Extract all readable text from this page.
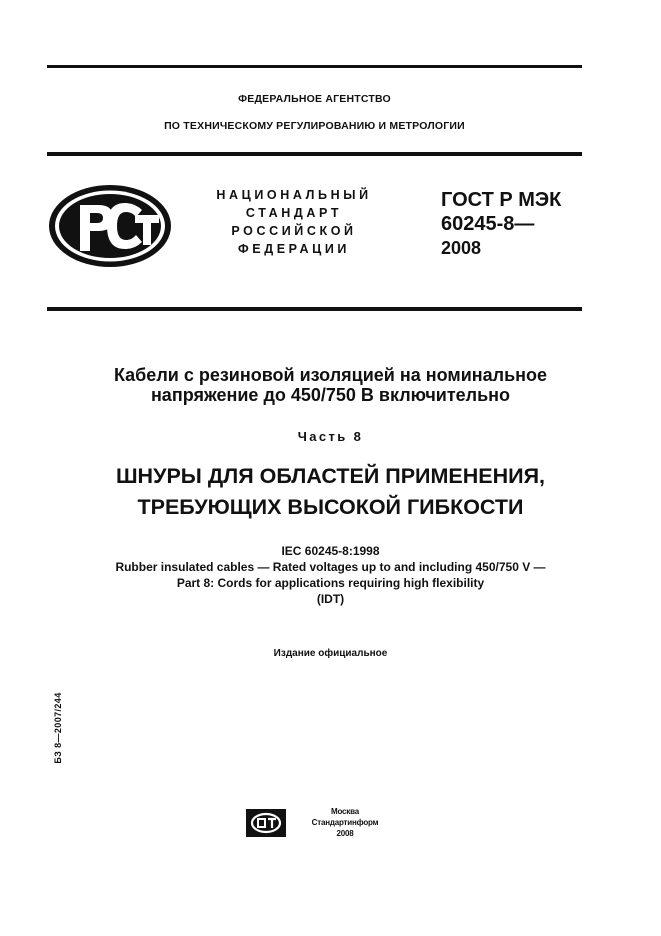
ФЕДЕРАЛЬНОЕ АГЕНТСТВО
ПО ТЕХНИЧЕСКОМУ РЕГУЛИРОВАНИЮ И МЕТРОЛОГИИ
НАЦИОНАЛЬНЫЙ
СТАНДАРТ
РОССИЙСКОЙ
ФЕДЕРАЦИИ
ГОСТ Р МЭК
60245-8—
2008
Кабели с резиновой изоляцией на номинальное
напряжение до 450/750 В включительно
Часть 8
ШНУРЫ ДЛЯ ОБЛАСТЕЙ ПРИМЕНЕНИЯ,
ТРЕБУЮЩИХ ВЫСОКОЙ ГИБКОСТИ
IEC 60245-8:1998
Rubber insulated cables — Rated voltages up to and including 450/750 V —
Part 8: Cords for applications requiring high flexibility
(IDT)
Издание официальное
БЗ 8—2007/244
Москва
Стандартинформ
2008
